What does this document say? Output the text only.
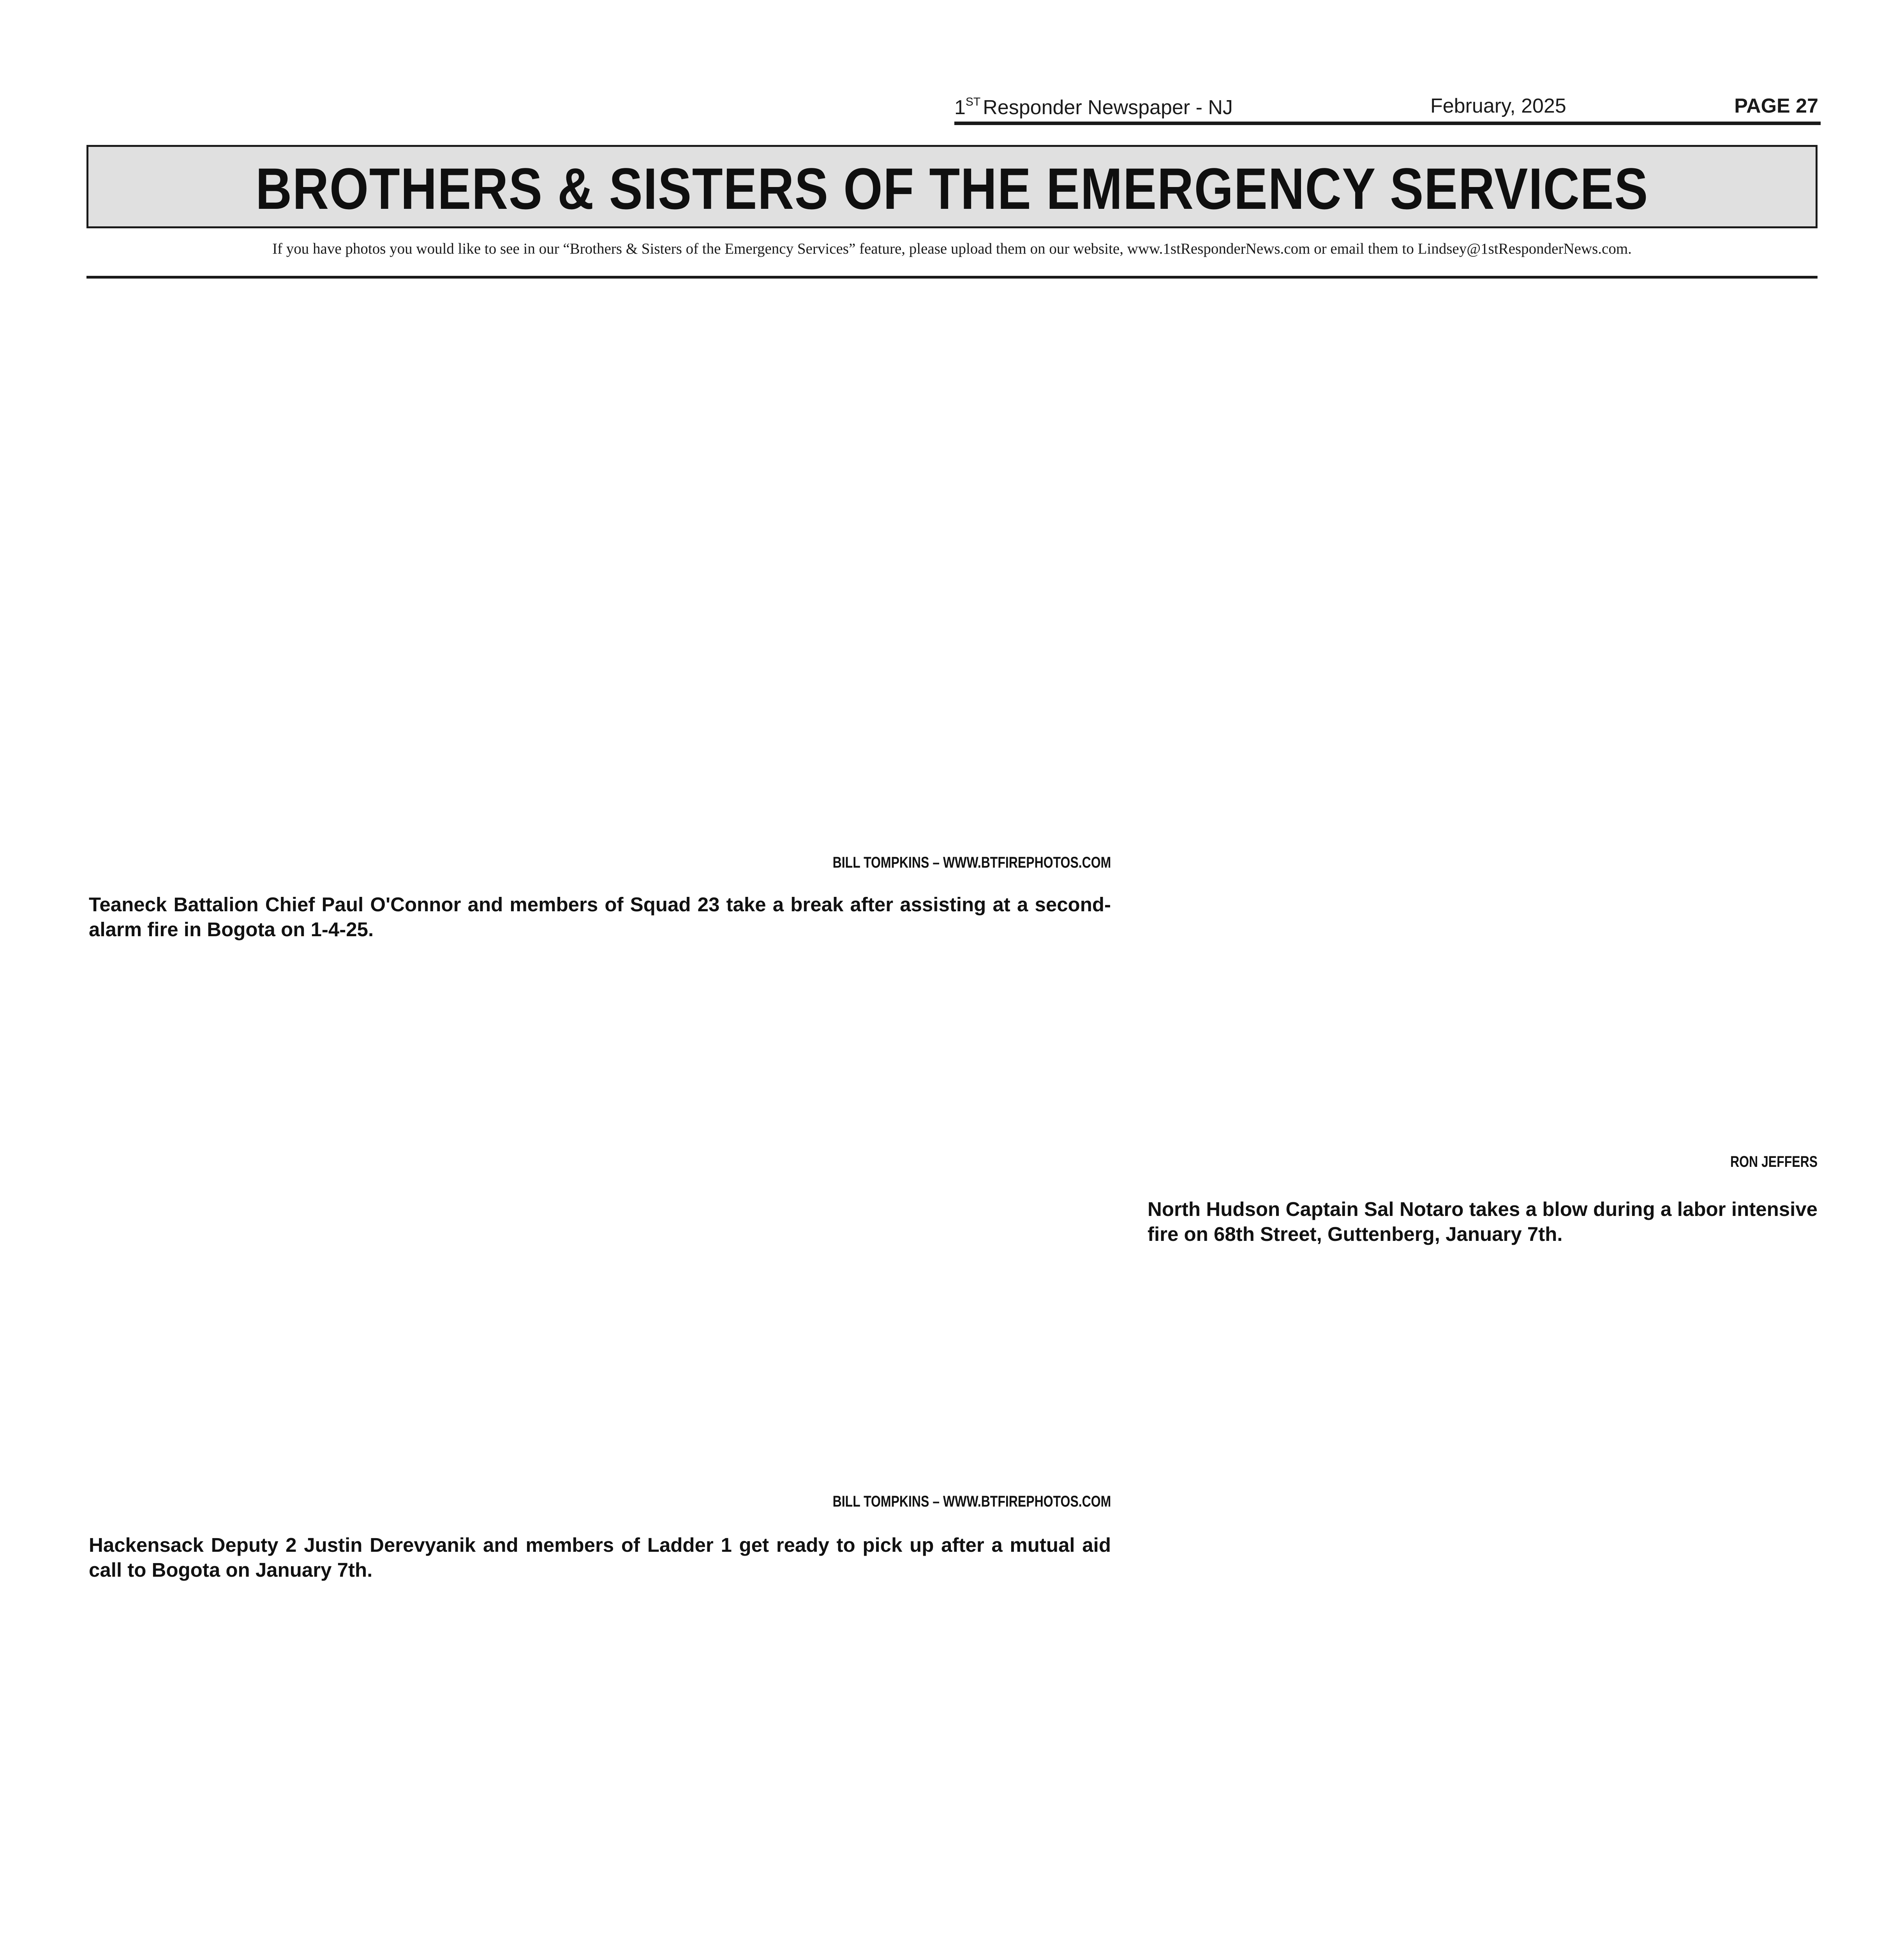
1ST Responder Newspaper - NJ	February, 2025	PAGE 27
BROTHERS & SISTERS OF THE EMERGENCY SERVICES
If you have photos you would like to see in our “Brothers & Sisters of the Emergency Services” feature, please upload them on our website, www.1stResponderNews.com or email them to Lindsey@1stResponderNews.com.
BILL TOMPKINS – WWW.BTFIREPHOTOS.COM
Teaneck Battalion Chief Paul O'Connor and members of Squad 23 take a break after assisting at a second-alarm fire in Bogota on 1-4-25.
RON JEFFERS
North Hudson Captain Sal Notaro takes a blow during a labor intensive fire on 68th Street, Guttenberg, January 7th.
BILL TOMPKINS – WWW.BTFIREPHOTOS.COM
Hackensack Deputy 2 Justin Derevyanik and members of Ladder 1 get ready to pick up after a mutual aid call to Bogota on January 7th.
